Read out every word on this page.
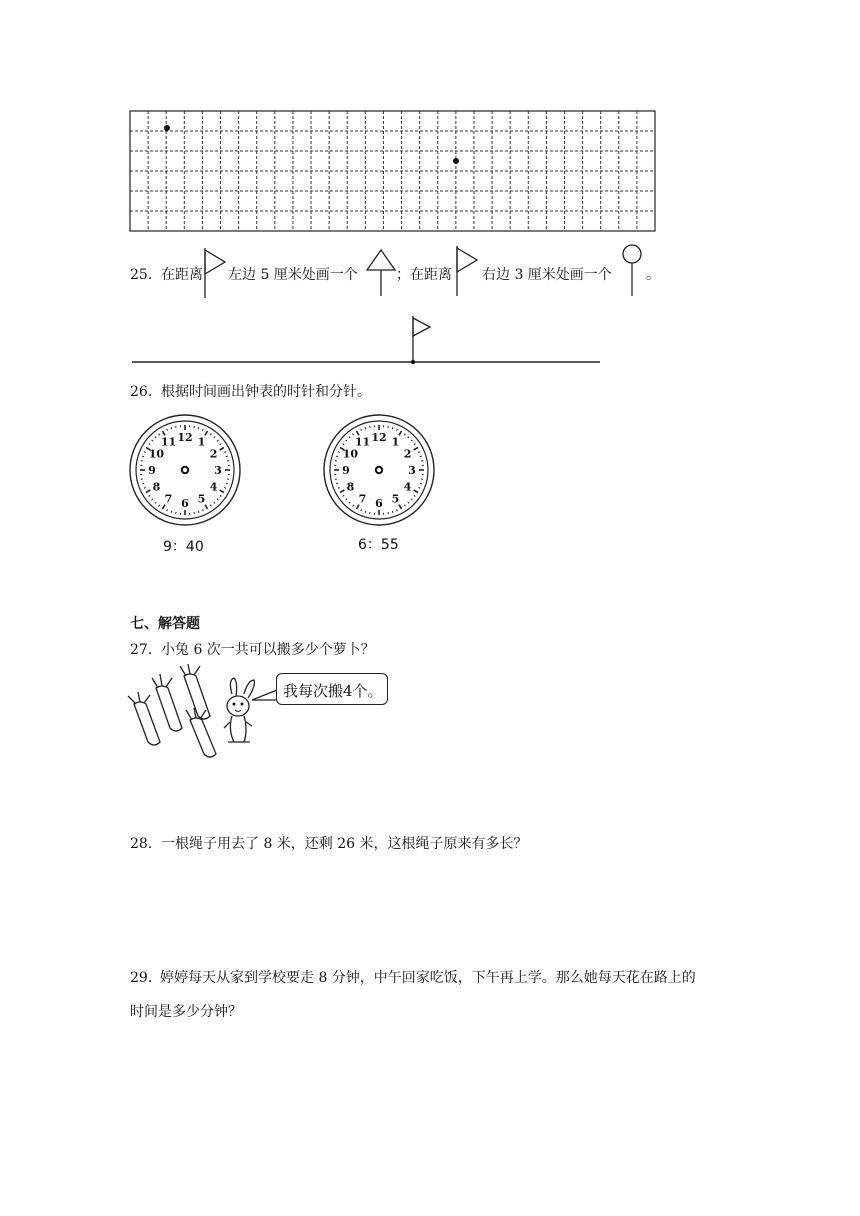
25． 在距离 左边 5 厘米处画一个	；在距离 右边 3 厘米处画一个 。
26． 根据时间画出钟表的时针和分针。
12 1
2
3
4
5
6
7
8
9
10
11
9：40
12 1
2
3
4
5
6
7
8
9
10
11
6：55
七、解答题
27． 小兔 6 次一共可以搬多少个萝卜？
我每次搬4个。
28． 一根绳子用去了 8 米，还剩 26 米，这根绳子原来有多长？
29．
婷婷每天从家到学校要走 8 分钟，中午回家吃饭，下午再上学。那么她每天花在路上的
时间是多少分钟？
